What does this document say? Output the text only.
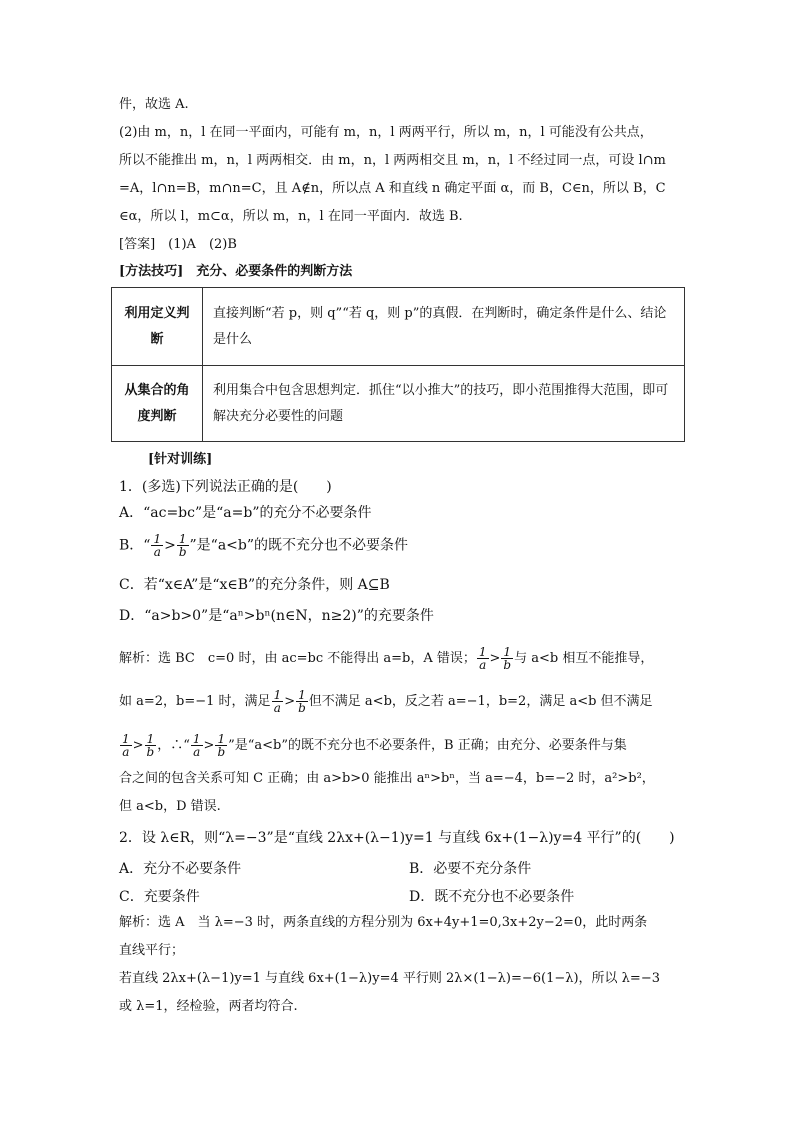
件，故选 A.
(2)由 m，n，l 在同一平面内，可能有 m，n，l 两两平行，所以 m，n，l 可能没有公共点，
所以不能推出 m，n，l 两两相交．由 m，n，l 两两相交且 m，n，l 不经过同一点，可设 l∩m
=A，l∩n=B，m∩n=C，且 A∉n，所以点 A 和直线 n 确定平面 α，而 B，C∈n，所以 B，C
∈α，所以 l，m⊂α，所以 m，n，l 在同一平面内．故选 B.
[答案]　(1)A　(2)B
[方法技巧]　充分、必要条件的判断方法
利用定义判断	直接判断“若 p，则 q”“若 q，则 p”的真假．在判断时，确定条件是什么、结论是什么
从集合的角度判断	利用集合中包含思想判定．抓住“以小推大”的技巧，即小范围推得大范围，即可解决充分必要性的问题
[针对训练]
1．(多选)下列说法正确的是(　　)
A．“ac=bc”是“a=b”的充分不必要条件
B．“ $\frac{1}{a} > \frac{1}{b}$ ”是“a<b”的既不充分也不必要条件
C．若“x∈A”是“x∈B”的充分条件，则 A⊆B
D．“a>b>0”是“aⁿ>bⁿ(n∈N，n≥2)”的充要条件
解析：选 BC　c=0 时，由 ac=bc 不能得出 a=b，A 错误； $\frac{1}{a} > \frac{1}{b}$ 与 a<b 相互不能推导，
如 a=2，b=−1 时，满足 $\frac{1}{a} > \frac{1}{b}$ 但不满足 a<b，反之若 a=−1，b=2，满足 a<b 但不满足
$\frac{1}{a} > \frac{1}{b}$ ，∴“ $\frac{1}{a} > \frac{1}{b}$ ”是“a<b”的既不充分也不必要条件，B 正确；由充分、必要条件与集
合之间的包含关系可知 C 正确；由 a>b>0 能推出 aⁿ>bⁿ，当 a=−4，b=−2 时，a²>b²，
但 a<b，D 错误.
2．设 λ∈R，则“λ=−3”是“直线 2λx+(λ−1)y=1 与直线 6x+(1−λ)y=4 平行”的(　　)
A．充分不必要条件	B．必要不充分条件
C．充要条件	D．既不充分也不必要条件
解析：选 A　当 λ=−3 时，两条直线的方程分别为 6x+4y+1=0,3x+2y−2=0，此时两条
直线平行；
若直线 2λx+(λ−1)y=1 与直线 6x+(1−λ)y=4 平行则 2λ×(1−λ)=−6(1−λ)，所以 λ=−3
或 λ=1，经检验，两者均符合.
